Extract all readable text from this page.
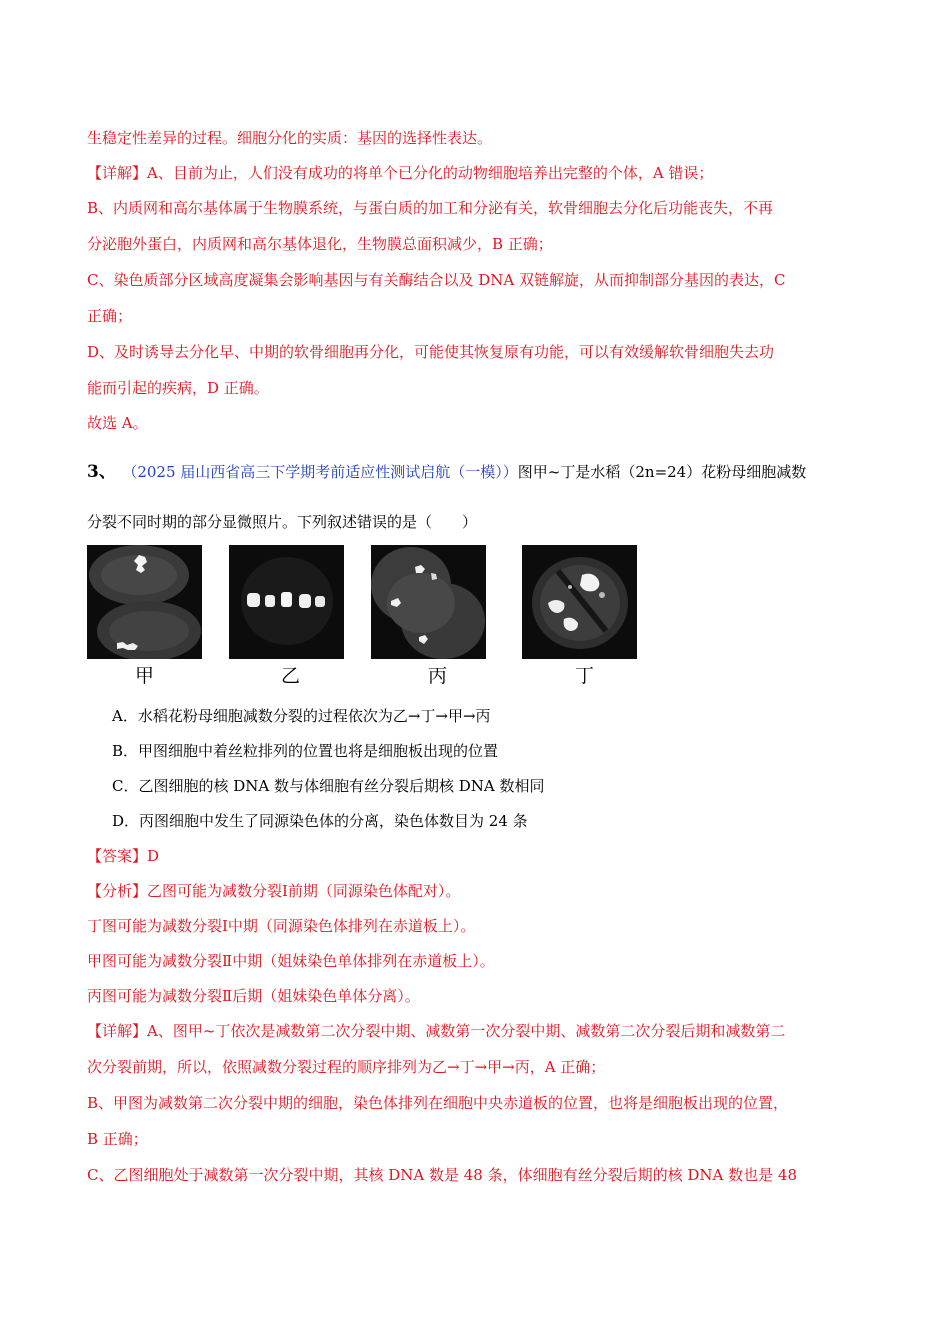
生稳定性差异的过程。细胞分化的实质：基因的选择性表达。
【详解】A、目前为止，人们没有成功的将单个已分化的动物细胞培养出完整的个体，A 错误；
B、内质网和高尔基体属于生物膜系统，与蛋白质的加工和分泌有关，软骨细胞去分化后功能丧失，不再
分泌胞外蛋白，内质网和高尔基体退化，生物膜总面积减少，B 正确；
C、染色质部分区域高度凝集会影响基因与有关酶结合以及 DNA 双链解旋，从而抑制部分基因的表达，C
正确；
D、及时诱导去分化早、中期的软骨细胞再分化，可能使其恢复原有功能，可以有效缓解软骨细胞失去功
能而引起的疾病，D 正确。
故选 A。
3、 （2025 届山西省高三下学期考前适应性测试启航（一模））图甲~丁是水稻（2n=24）花粉母细胞减数
分裂不同时期的部分显微照片。下列叙述错误的是（　　）
甲	乙	丙	丁
A．水稻花粉母细胞减数分裂的过程依次为乙→丁→甲→丙
B．甲图细胞中着丝粒排列的位置也将是细胞板出现的位置
C．乙图细胞的核 DNA 数与体细胞有丝分裂后期核 DNA 数相同
D．丙图细胞中发生了同源染色体的分离，染色体数目为 24 条
【答案】D
【分析】乙图可能为减数分裂Ⅰ前期（同源染色体配对）。
丁图可能为减数分裂Ⅰ中期（同源染色体排列在赤道板上）。
甲图可能为减数分裂Ⅱ中期（姐妹染色单体排列在赤道板上）。
丙图可能为减数分裂Ⅱ后期（姐妹染色单体分离）。
【详解】A、图甲~丁依次是减数第二次分裂中期、减数第一次分裂中期、减数第二次分裂后期和减数第二
次分裂前期，所以，依照减数分裂过程的顺序排列为乙→丁→甲→丙，A 正确；
B、甲图为减数第二次分裂中期的细胞，染色体排列在细胞中央赤道板的位置，也将是细胞板出现的位置，
B 正确；
C、乙图细胞处于减数第一次分裂中期，其核 DNA 数是 48 条，体细胞有丝分裂后期的核 DNA 数也是 48
